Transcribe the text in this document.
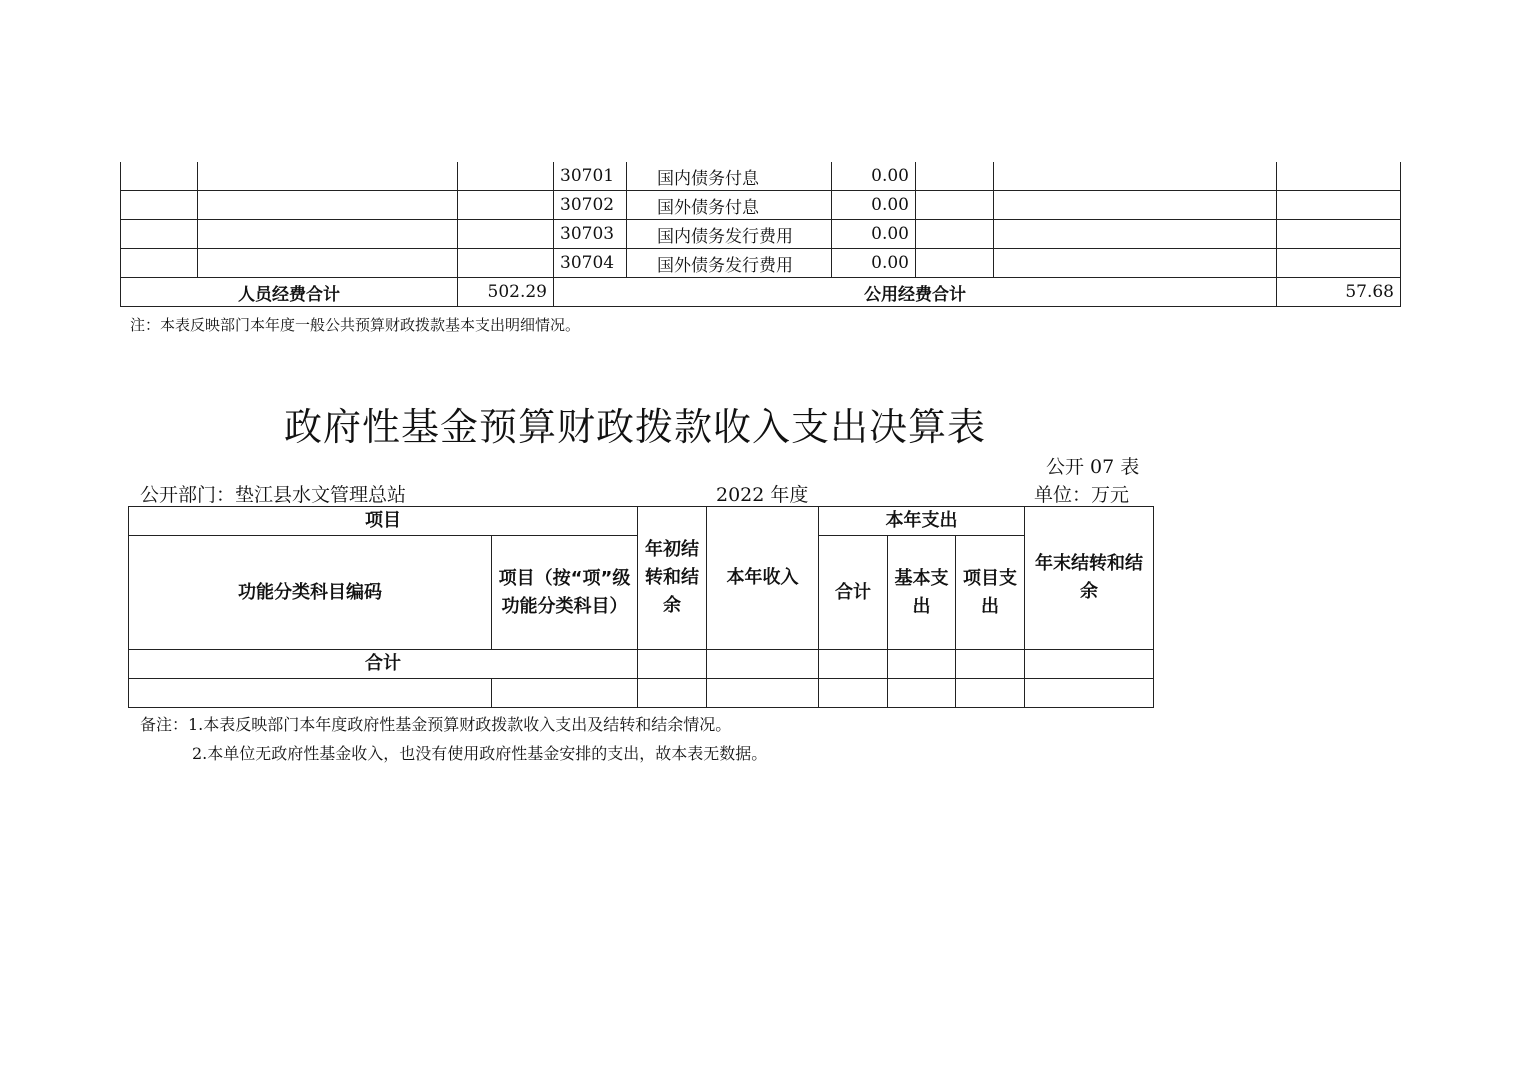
			30701	国内债务付息	0.00			
			30702	国外债务付息	0.00			
			30703	国内债务发行费用	0.00			
			30704	国外债务发行费用	0.00			
人员经费合计		502.29	公用经费合计					57.68
注：本表反映部门本年度一般公共预算财政拨款基本支出明细情况。
政府性基金预算财政拨款收入支出决算表
公开 07 表
公开部门：垫江县水文管理总站	2022 年度	单位：万元
项目		年初结转和结余	本年收入	本年支出			年末结转和结余
功能分类科目编码	项目（按“项”级功能分类科目）			合计	基本支出	项目支出	
合计							

备注：1.本表反映部门本年度政府性基金预算财政拨款收入支出及结转和结余情况。
2.本单位无政府性基金收入，也没有使用政府性基金安排的支出，故本表无数据。
